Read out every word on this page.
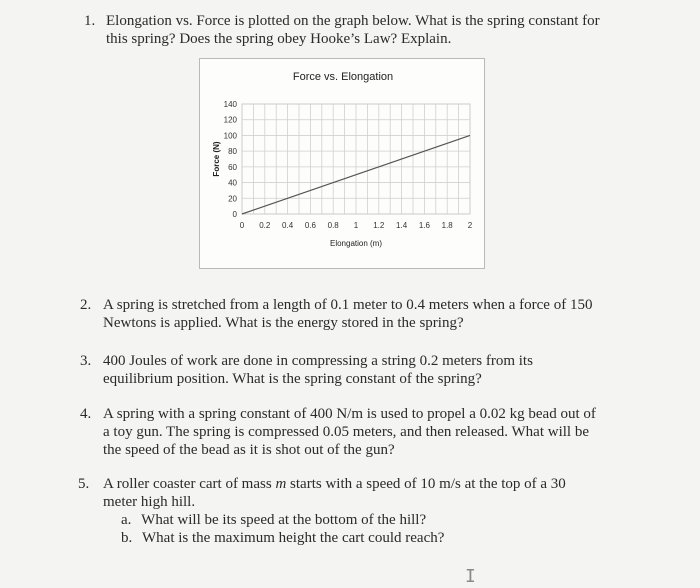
1. Elongation vs. Force is plotted on the graph below. What is the spring constant for
this spring? Does the spring obey Hooke’s Law? Explain.
Force vs. Elongation
0
20
40
60
80
100
120
140
0 0.2 0.4 0.6 0.8 1 1.2 1.4 1.6 1.8 2
Elongation (m)
Force (N)
2. A spring is stretched from a length of 0.1 meter to 0.4 meters when a force of 150
Newtons is applied. What is the energy stored in the spring?
3. 400 Joules of work are done in compressing a string 0.2 meters from its
equilibrium position. What is the spring constant of the spring?
4. A spring with a spring constant of 400 N/m is used to propel a 0.02 kg bead out of
a toy gun. The spring is compressed 0.05 meters, and then released. What will be
the speed of the bead as it is shot out of the gun?
5. A roller coaster cart of mass m starts with a speed of 10 m/s at the top of a 30
meter high hill.
a. What will be its speed at the bottom of the hill?
b. What is the maximum height the cart could reach?
I
